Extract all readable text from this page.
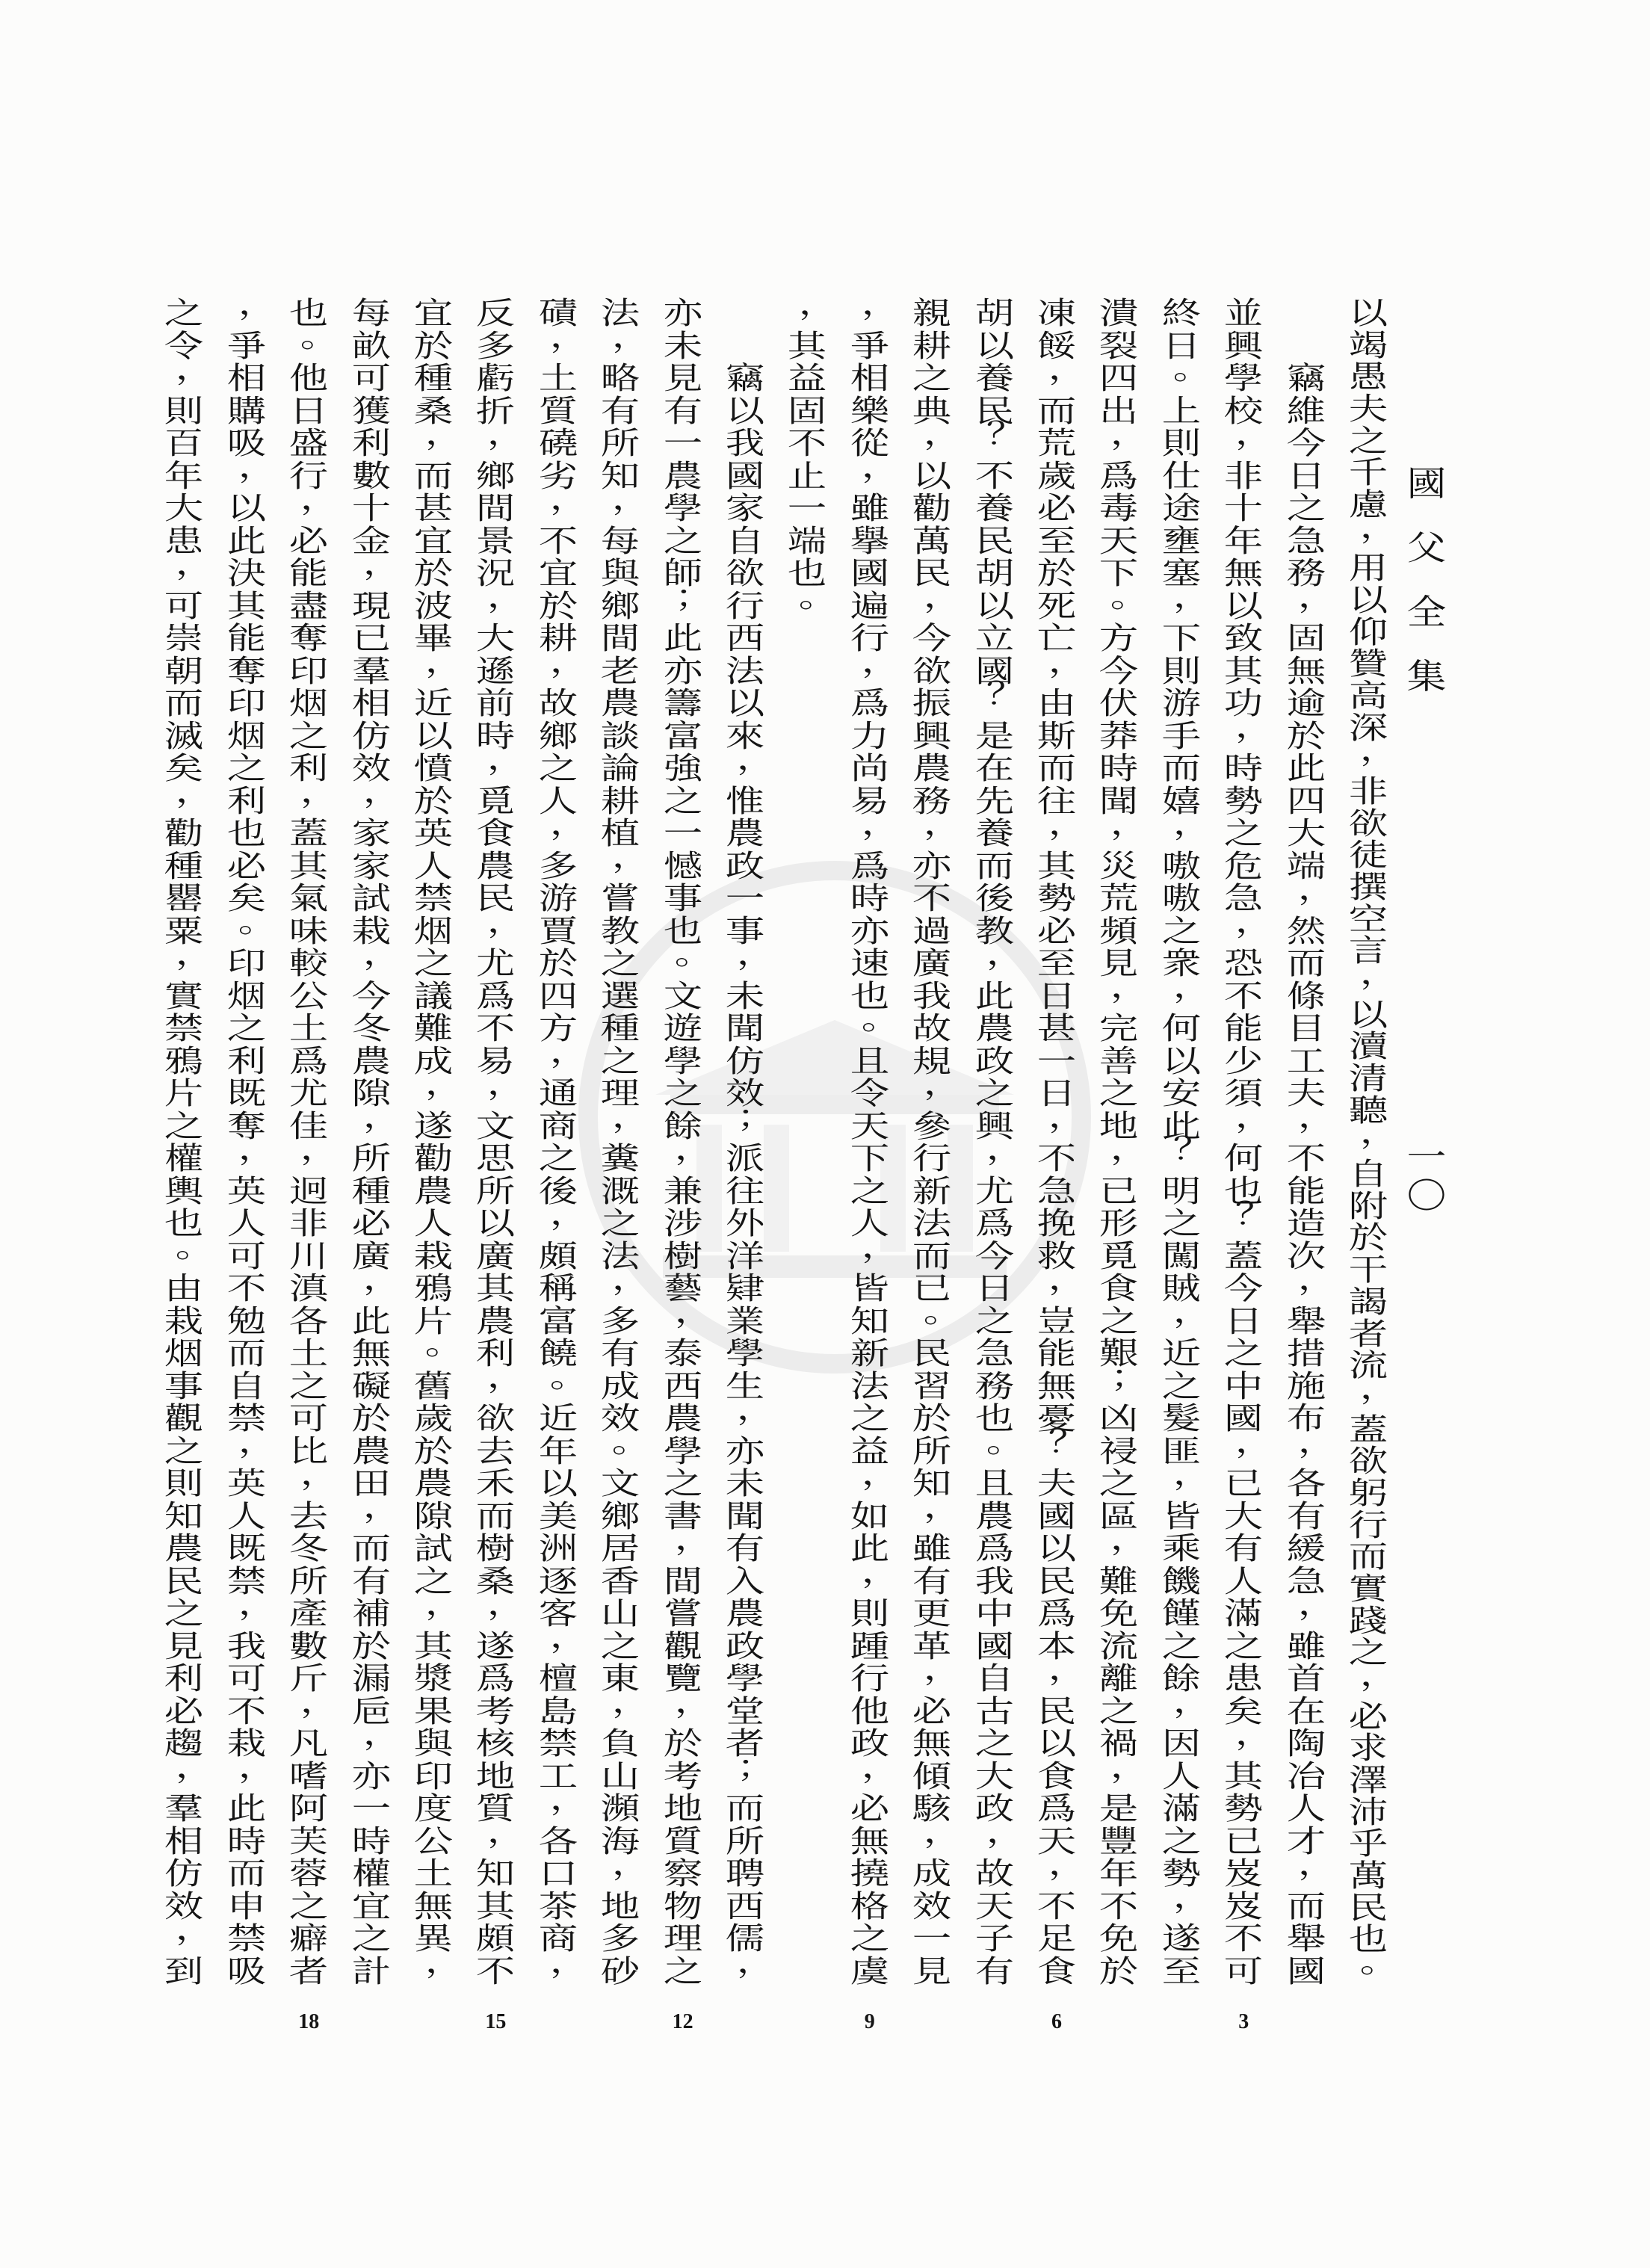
國
父
全
集
一
〇
以
竭
愚
夫
之
千
慮
，
用
以
仰
贊
高
深
，
非
欲
徒
撰
空
言
，
以
瀆
清
聽
，
自
附
於
干
謁
者
流
，
蓋
欲
躬
行
而
實
踐
之
，
必
求
澤
沛
乎
萬
民
也
。

竊
維
今
日
之
急
務
，
固
無
逾
於
此
四
大
端
，
然
而
條
目
工
夫
，
不
能
造
次
，
舉
措
施
布
，
各
有
緩
急
，
雖
首
在
陶
冶
人
才
，
而
舉
國
並
興
學
校
，
非
十
年
無
以
致
其
功
，
時
勢
之
危
急
，
恐
不
能
少
須
，
何
也
？
蓋
今
日
之
中
國
，
已
大
有
人
滿
之
患
矣
，
其
勢
已
岌
岌
不
可
終
日
。
上
則
仕
途
壅
塞
，
下
則
游
手
而
嬉
，
嗷
嗷
之
衆
，
何
以
安
此
？
明
之
闖
賊
，
近
之
髮
匪
，
皆
乘
饑
饉
之
餘
，
因
人
滿
之
勢
，
遂
至
潰
裂
四
出
，
爲
毒
天
下
。
方
今
伏
莽
時
聞
，
災
荒
頻
見
，
完
善
之
地
，
已
形
覓
食
之
艱
；
凶
祲
之
區
，
難
免
流
離
之
禍
，
是
豐
年
不
免
於
凍
餒
，
而
荒
歲
必
至
於
死
亡
，
由
斯
而
往
，
其
勢
必
至
日
甚
一
日
，
不
急
挽
救
，
豈
能
無
憂
？
夫
國
以
民
爲
本
，
民
以
食
爲
天
，
不
足
食
胡
以
養
民
？
不
養
民
胡
以
立
國
？
是
在
先
養
而
後
教
，
此
農
政
之
興
，
尤
爲
今
日
之
急
務
也
。
且
農
爲
我
中
國
自
古
之
大
政
，
故
天
子
有
親
耕
之
典
，
以
勸
萬
民
，
今
欲
振
興
農
務
，
亦
不
過
廣
我
故
規
，
參
行
新
法
而
已
。
民
習
於
所
知
，
雖
有
更
革
，
必
無
傾
駭
，
成
效
一
見
，
爭
相
樂
從
，
雖
擧
國
遍
行
，
爲
力
尚
易
，
爲
時
亦
速
也
。
且
令
天
下
之
人
，
皆
知
新
法
之
益
，
如
此
，
則
踵
行
他
政
，
必
無
撓
格
之
虞
，
其
益
固
不
止
一
端
也
。

竊
以
我
國
家
自
欲
行
西
法
以
來
，
惟
農
政
一
事
，
未
聞
仿
效
；
派
往
外
洋
肄
業
學
生
，
亦
未
聞
有
入
農
政
學
堂
者
；
而
所
聘
西
儒
，
亦
未
見
有
一
農
學
之
師
；
此
亦
籌
富
強
之
一
憾
事
也
。
文
遊
學
之
餘
，
兼
涉
樹
藝
，
泰
西
農
學
之
書
，
間
嘗
觀
覽
，
於
考
地
質
察
物
理
之
法
，
略
有
所
知
，
每
與
鄉
間
老
農
談
論
耕
植
，
嘗
教
之
選
種
之
理
，
糞
溉
之
法
，
多
有
成
效
。
文
鄉
居
香
山
之
東
，
負
山
瀕
海
，
地
多
砂
磧
，
土
質
磽
劣
，
不
宜
於
耕
，
故
鄉
之
人
，
多
游
賈
於
四
方
，
通
商
之
後
，
頗
稱
富
饒
。
近
年
以
美
洲
逐
客
，
檀
島
禁
工
，
各
口
茶
商
，
反
多
虧
折
，
鄉
間
景
況
，
大
遜
前
時
，
覓
食
農
民
，
尤
爲
不
易
，
文
思
所
以
廣
其
農
利
，
欲
去
禾
而
樹
桑
，
遂
爲
考
核
地
質
，
知
其
頗
不
宜
於
種
桑
，
而
甚
宜
於
波
畢
，
近
以
憤
於
英
人
禁
烟
之
議
難
成
，
遂
勸
農
人
栽
鴉
片
。
舊
歲
於
農
隙
試
之
，
其
漿
果
與
印
度
公
土
無
異
，
每
畝
可
獲
利
數
十
金
，
現
已
羣
相
仿
效
，
家
家
試
栽
，
今
冬
農
隙
，
所
種
必
廣
，
此
無
礙
於
農
田
，
而
有
補
於
漏
巵
，
亦
一
時
權
宜
之
計
也
。
他
日
盛
行
，
必
能
盡
奪
印
烟
之
利
，
蓋
其
氣
味
較
公
土
爲
尤
佳
，
迥
非
川
滇
各
土
之
可
比
，
去
冬
所
產
數
斤
，
凡
嗜
阿
芙
蓉
之
癖
者
，
爭
相
購
吸
，
以
此
決
其
能
奪
印
烟
之
利
也
必
矣
。
印
烟
之
利
既
奪
，
英
人
可
不
勉
而
自
禁
，
英
人
既
禁
，
我
可
不
栽
，
此
時
而
申
禁
吸
之
令
，
則
百
年
大
患
，
可
崇
朝
而
滅
矣
，
勸
種
罌
粟
，
實
禁
鴉
片
之
權
輿
也
。
由
栽
烟
事
觀
之
則
知
農
民
之
見
利
必
趨
，
羣
相
仿
效
，
到
3
6
9
12
15
18
